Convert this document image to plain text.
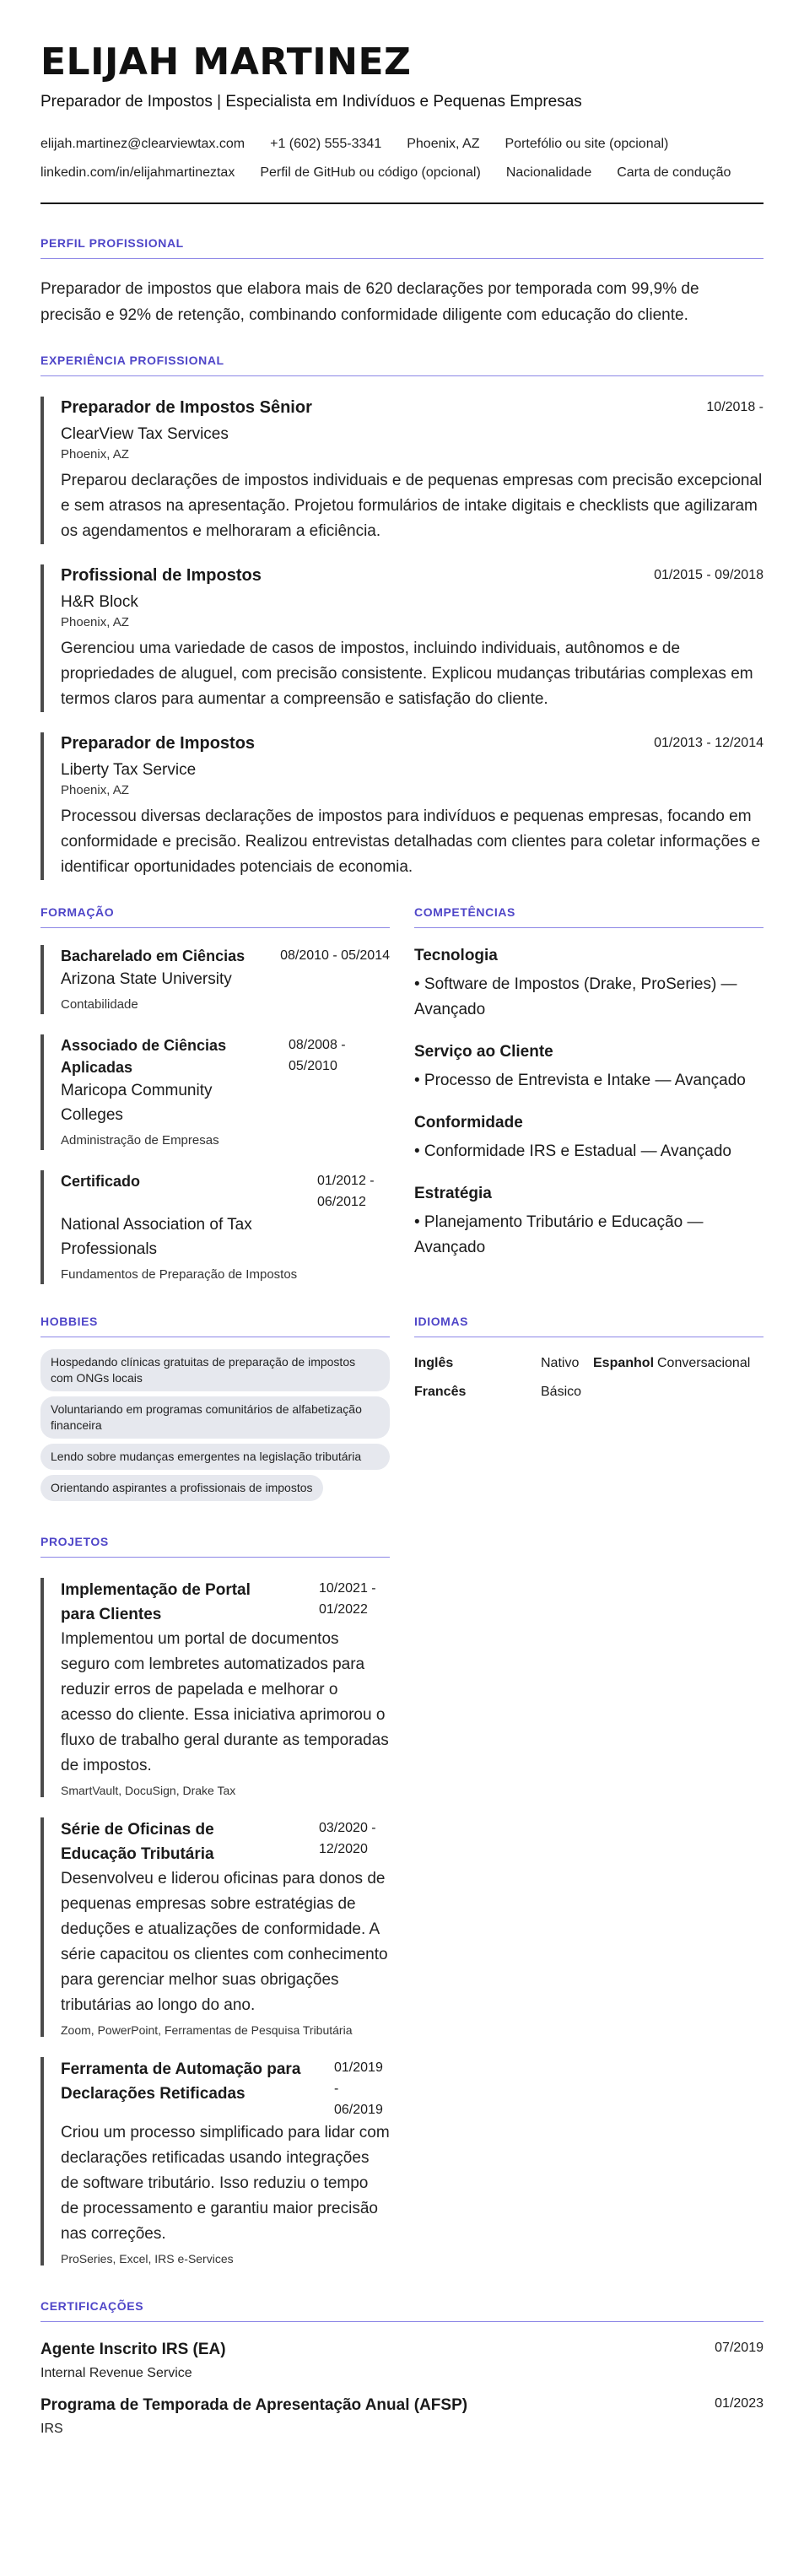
ELIJAH MARTINEZ
Preparador de Impostos | Especialista em Indivíduos e Pequenas Empresas
elijah.martinez@clearviewtax.com +1 (602) 555-3341 Phoenix, AZ Portefólio ou site (opcional)
linkedin.com/in/elijahmartineztax Perfil de GitHub ou código (opcional) Nacionalidade Carta de condução
PERFIL PROFISSIONAL
Preparador de impostos que elabora mais de 620 declarações por temporada com 99,9% de precisão e 92% de retenção, combinando conformidade diligente com educação do cliente.
EXPERIÊNCIA PROFISSIONAL
Preparador de Impostos Sênior	10/2018 -
ClearView Tax Services
Phoenix, AZ
Preparou declarações de impostos individuais e de pequenas empresas com precisão excepcional e sem atrasos na apresentação. Projetou formulários de intake digitais e checklists que agilizaram os agendamentos e melhoraram a eficiência.
Profissional de Impostos	01/2015 - 09/2018
H&R Block
Phoenix, AZ
Gerenciou uma variedade de casos de impostos, incluindo individuais, autônomos e de propriedades de aluguel, com precisão consistente. Explicou mudanças tributárias complexas em termos claros para aumentar a compreensão e satisfação do cliente.
Preparador de Impostos	01/2013 - 12/2014
Liberty Tax Service
Phoenix, AZ
Processou diversas declarações de impostos para indivíduos e pequenas empresas, focando em conformidade e precisão. Realizou entrevistas detalhadas com clientes para coletar informações e identificar oportunidades potenciais de economia.
FORMAÇÃO
Bacharelado em Ciências	08/2010 - 05/2014
Arizona State University
Contabilidade
Associado de Ciências Aplicadas
08/2008 - 05/2010
Maricopa Community Colleges
Administração de Empresas
Certificado	01/2012 - 06/2012
National Association of Tax Professionals
Fundamentos de Preparação de Impostos
COMPETÊNCIAS
Tecnologia
• Software de Impostos (Drake, ProSeries) — Avançado
Serviço ao Cliente
• Processo de Entrevista e Intake — Avançado
Conformidade
• Conformidade IRS e Estadual — Avançado
Estratégia
• Planejamento Tributário e Educação — Avançado
HOBBIES
Hospedando clínicas gratuitas de preparação de impostos com ONGs locais
Voluntariando em programas comunitários de alfabetização financeira
Lendo sobre mudanças emergentes na legislação tributária
Orientando aspirantes a profissionais de impostos
IDIOMAS
Inglês	Nativo	Espanhol Conversacional
Francês	Básico
PROJETOS
Implementação de Portal para Clientes
10/2021 - 01/2022
Implementou um portal de documentos seguro com lembretes automatizados para reduzir erros de papelada e melhorar o acesso do cliente. Essa iniciativa aprimorou o fluxo de trabalho geral durante as temporadas de impostos.
SmartVault, DocuSign, Drake Tax
Série de Oficinas de Educação Tributária
03/2020 - 12/2020
Desenvolveu e liderou oficinas para donos de pequenas empresas sobre estratégias de deduções e atualizações de conformidade. A série capacitou os clientes com conhecimento para gerenciar melhor suas obrigações tributárias ao longo do ano.
Zoom, PowerPoint, Ferramentas de Pesquisa Tributária
Ferramenta de Automação para Declarações Retificadas
01/2019 - 06/2019
Criou um processo simplificado para lidar com declarações retificadas usando integrações de software tributário. Isso reduziu o tempo de processamento e garantiu maior precisão nas correções.
ProSeries, Excel, IRS e-Services
CERTIFICAÇÕES
Agente Inscrito IRS (EA)	07/2019
Internal Revenue Service
Programa de Temporada de Apresentação Anual (AFSP)	01/2023
IRS
